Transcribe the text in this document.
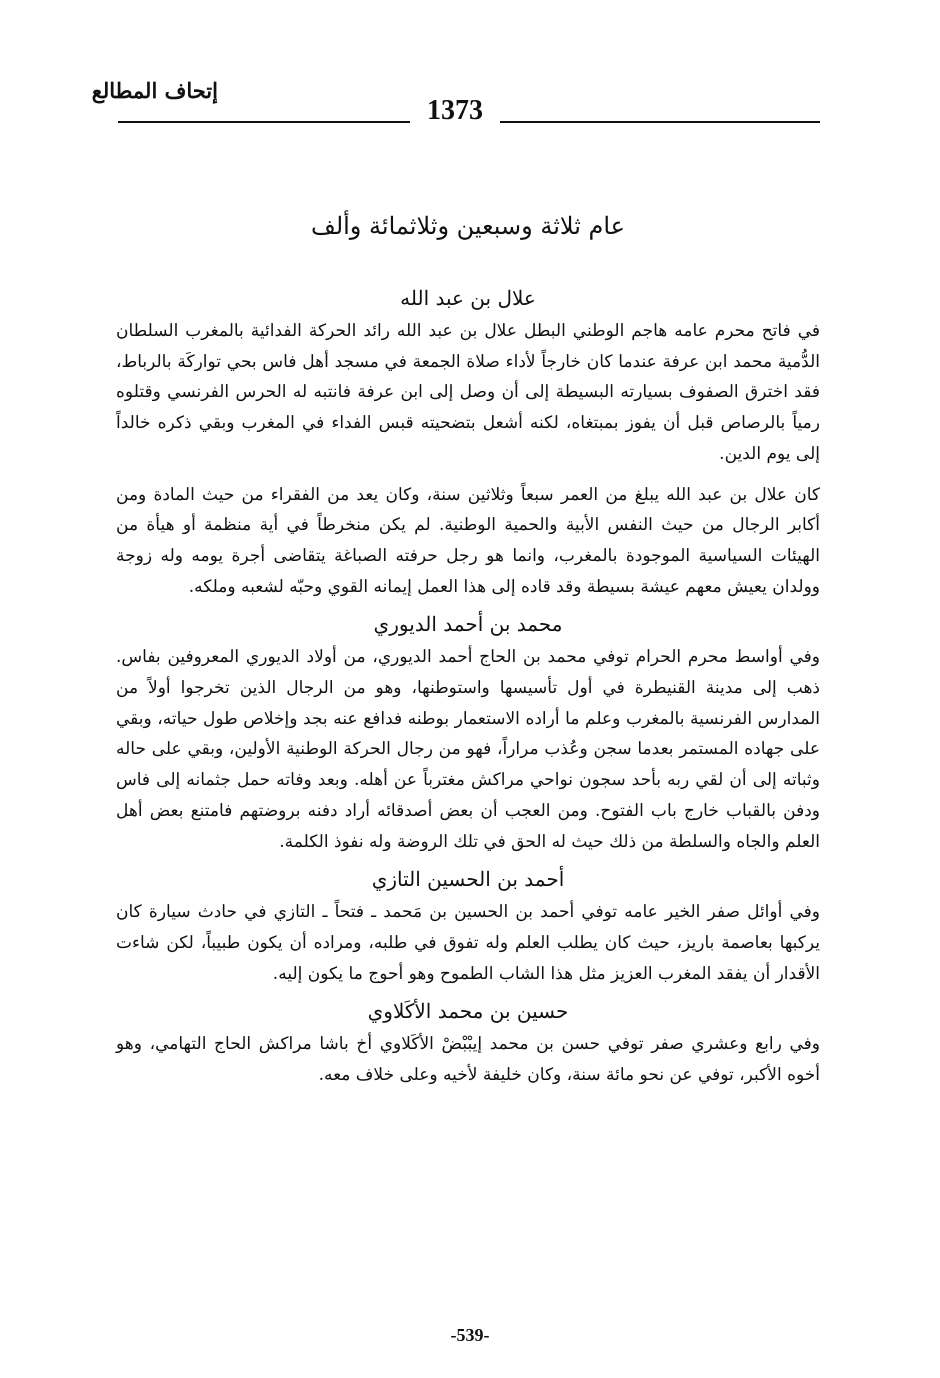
إتحاف المطالع
1373
عام ثلاثة وسبعين وثلاثمائة وألف
علال بن عبد الله

في فاتح محرم عامه هاجم الوطني البطل علال بن عبد الله رائد الحركة الفدائية بالمغرب السلطان الدُّمية محمد ابن عرفة عندما كان خارجاً لأداء صلاة الجمعة في مسجد أهل فاس بحي تواركَة بالرباط، فقد اخترق الصفوف بسيارته البسيطة إلى أن وصل إلى ابن عرفة فانتبه له الحرس الفرنسي وقتلوه رمياً بالرصاص قبل أن يفوز بمبتغاه، لكنه أشعل بتضحيته قبس الفداء في المغرب وبقي ذكره خالداً إلى يوم الدين.

كان علال بن عبد الله يبلغ من العمر سبعاً وثلاثين سنة، وكان يعد من الفقراء من حيث المادة ومن أكابر الرجال من حيث النفس الأبية والحمية الوطنية. لم يكن منخرطاً في أية منظمة أو هيأة من الهيئات السياسية الموجودة بالمغرب، وانما هو رجل حرفته الصباغة يتقاضى أجرة يومه وله زوجة وولدان يعيش معهم عيشة بسيطة وقد قاده إلى هذا العمل إيمانه القوي وحبّه لشعبه وملكه.

محمد بن أحمد الديوري

وفي أواسط محرم الحرام توفي محمد بن الحاج أحمد الديوري، من أولاد الديوري المعروفين بفاس. ذهب إلى مدينة القنيطرة في أول تأسيسها واستوطنها، وهو من الرجال الذين تخرجوا أولاً من المدارس الفرنسية بالمغرب وعلم ما أراده الاستعمار بوطنه فدافع عنه بجد وإخلاص طول حياته، وبقي على جهاده المستمر بعدما سجن وعُذب مراراً، فهو من رجال الحركة الوطنية الأولين، وبقي على حاله وثباته إلى أن لقي ربه بأحد سجون نواحي مراكش مغترباً عن أهله. وبعد وفاته حمل جثمانه إلى فاس ودفن بالقباب خارج باب الفتوح. ومن العجب أن بعض أصدقائه أراد دفنه بروضتهم فامتنع بعض أهل العلم والجاه والسلطة من ذلك حيث له الحق في تلك الروضة وله نفوذ الكلمة.

أحمد بن الحسين التازي

وفي أوائل صفر الخير عامه توفي أحمد بن الحسين بن مَحمد ـ فتحاً ـ التازي في حادث سيارة كان يركبها بعاصمة باريز، حيث كان يطلب العلم وله تفوق في طلبه، ومراده أن يكون طبيباً، لكن شاءت الأقدار أن يفقد المغرب العزيز مثل هذا الشاب الطموح وهو أحوج ما يكون إليه.

حسين بن محمد الأكَلاوي

وفي رابع وعشري صفر توفي حسن بن محمد إيبْبْضْ الأكَلاوي أخ باشا مراكش الحاج التهامي، وهو أخوه الأكبر، توفي عن نحو مائة سنة، وكان خليفة لأخيه وعلى خلاف معه.

-539-
